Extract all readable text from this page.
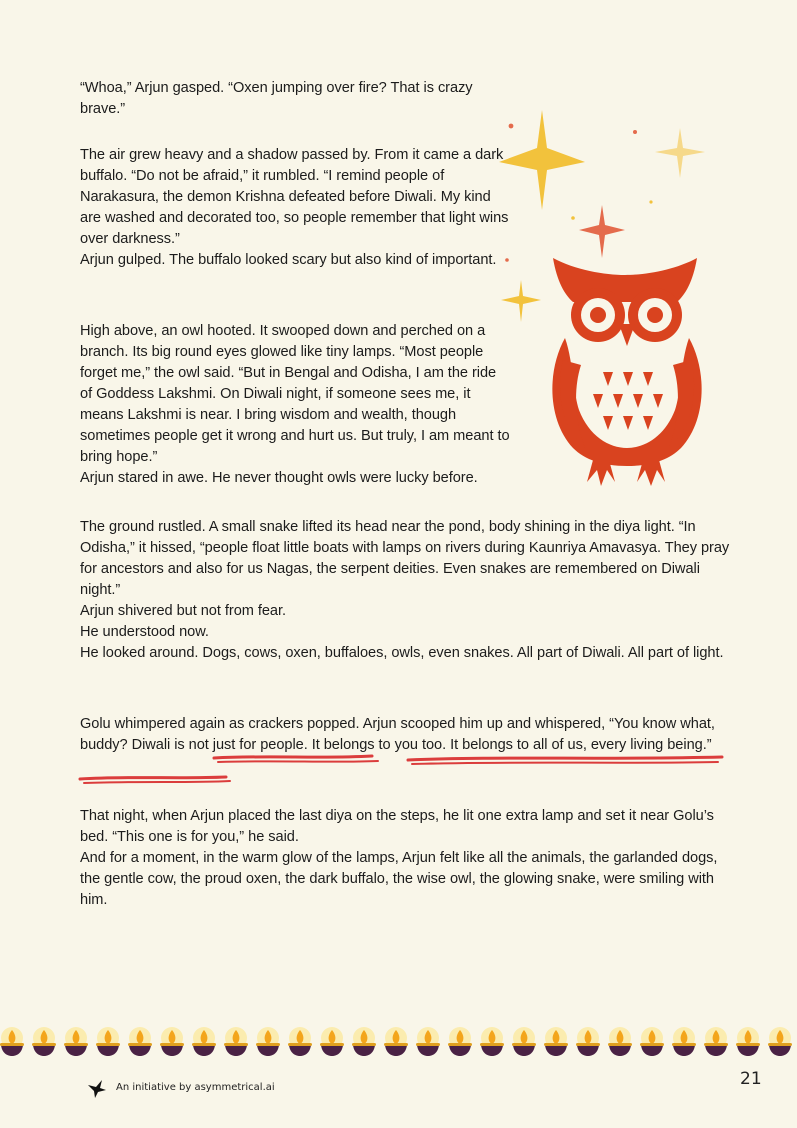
“Whoa,” Arjun gasped. “Oxen jumping over fire? That is crazy brave.”

The air grew heavy and a shadow passed by. From it came a dark buffalo. “Do not be afraid,” it rumbled. “I remind people of Narakasura, the demon Krishna defeated before Diwali. My kind are washed and decorated too, so people remember that light wins over darkness.”

Arjun gulped. The buffalo looked scary but also kind of important.

High above, an owl hooted. It swooped down and perched on a branch. Its big round eyes glowed like tiny lamps. “Most people forget me,” the owl said. “But in Bengal and Odisha, I am the ride of Goddess Lakshmi. On Diwali night, if someone sees me, it means Lakshmi is near. I bring wisdom and wealth, though sometimes people get it wrong and hurt us. But truly, I am meant to bring hope.”

Arjun stared in awe. He never thought owls were lucky before.

The ground rustled. A small snake lifted its head near the pond, body shining in the diya light. “In Odisha,” it hissed, “people float little boats with lamps on rivers during Kaunriya Amavasya. They pray for ancestors and also for us Nagas, the serpent deities. Even snakes are remembered on Diwali night.”

Arjun shivered but not from fear.

He understood now.

He looked around. Dogs, cows, oxen, buffaloes, owls, even snakes. All part of Diwali. All part of light.

Golu whimpered again as crackers popped. Arjun scooped him up and whispered, “You know what, buddy? Diwali is not just for people. It belongs to you too. It belongs to all of us, every living being.”

That night, when Arjun placed the last diya on the steps, he lit one extra lamp and set it near Golu’s bed. “This one is for you,” he said.

And for a moment, in the warm glow of the lamps, Arjun felt like all the animals, the garlanded dogs, the gentle cow, the proud oxen, the dark buffalo, the wise owl, the glowing snake, were smiling with him.

An initiative by asymmetrical.ai	21
